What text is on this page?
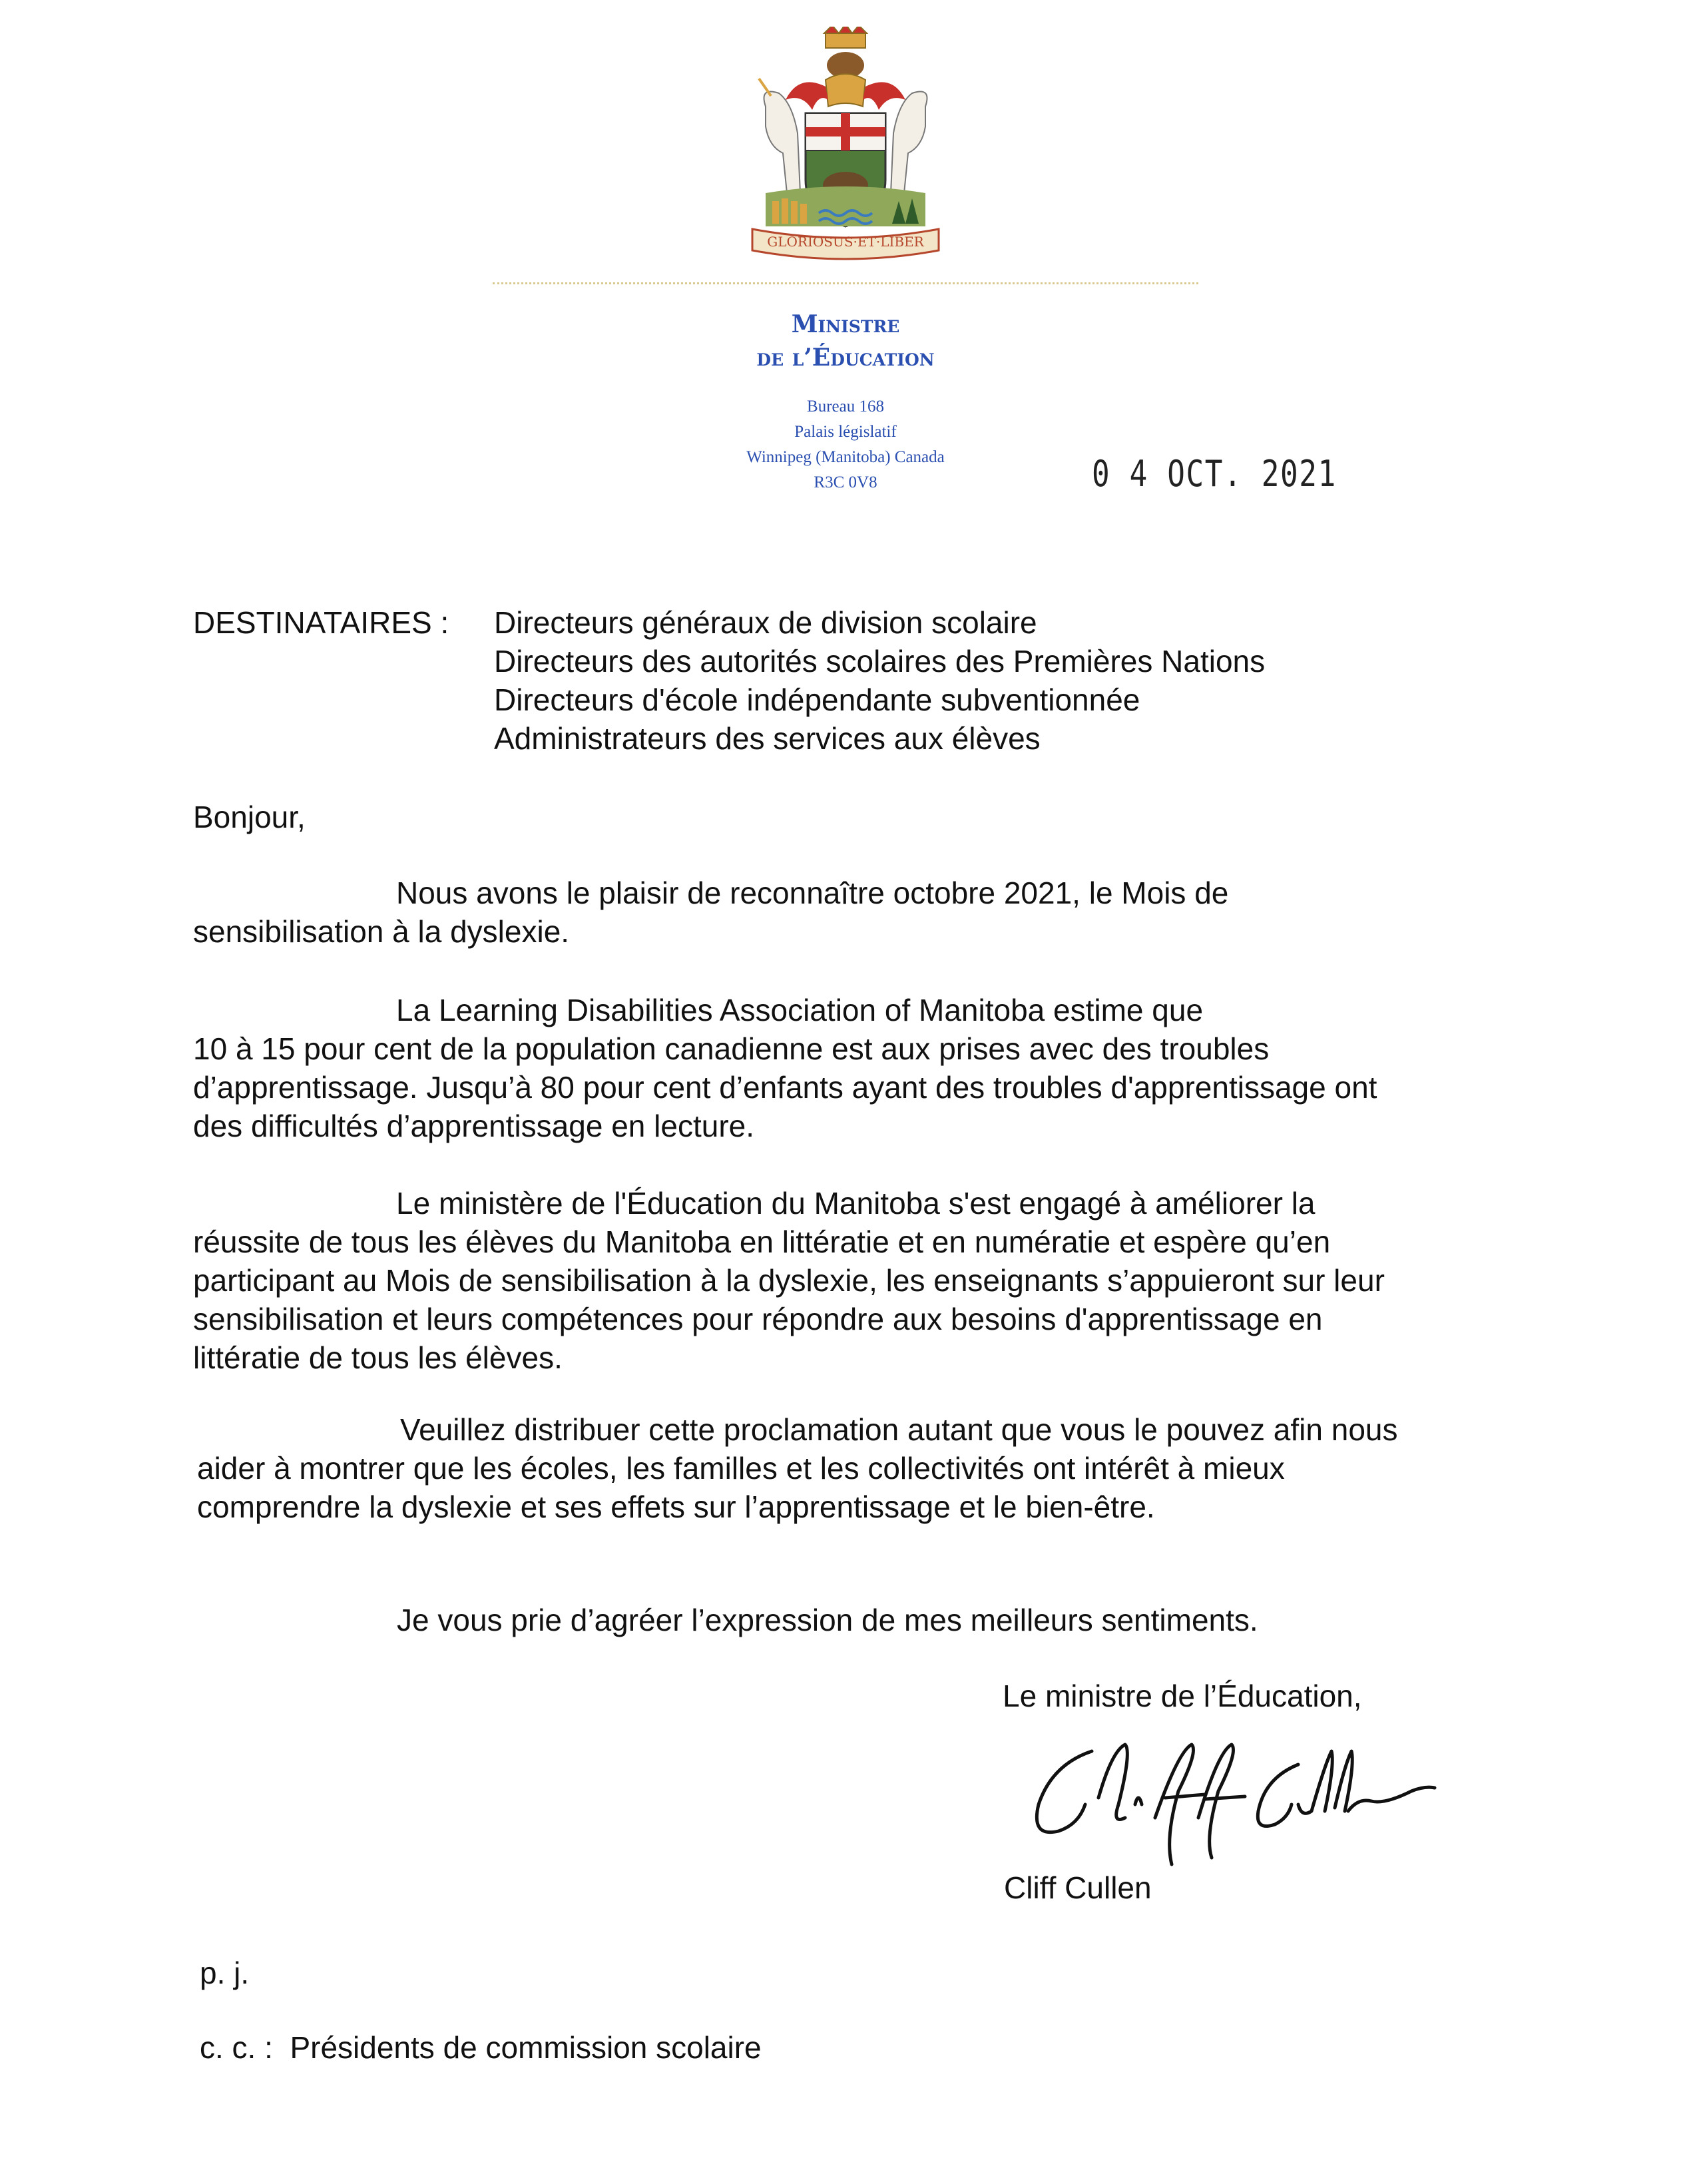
GLORIOSUS·ET·LIBER
Ministre
de l’Éducation
Bureau 168
Palais législatif
Winnipeg (Manitoba) Canada
R3C 0V8	0 4 OCT. 2021
DESTINATAIRES : Directeurs généraux de division scolaire
Directeurs des autorités scolaires des Premières Nations
Directeurs d'école indépendante subventionnée
Administrateurs des services aux élèves
Bonjour,
Nous avons le plaisir de reconnaître octobre 2021, le Mois de
sensibilisation à la dyslexie.
La Learning Disabilities Association of Manitoba estime que
10 à 15 pour cent de la population canadienne est aux prises avec des troubles
d’apprentissage. Jusqu’à 80 pour cent d’enfants ayant des troubles d'apprentissage ont
des difficultés d’apprentissage en lecture.
Le ministère de l'Éducation du Manitoba s'est engagé à améliorer la
réussite de tous les élèves du Manitoba en littératie et en numératie et espère qu’en
participant au Mois de sensibilisation à la dyslexie, les enseignants s’appuieront sur leur
sensibilisation et leurs compétences pour répondre aux besoins d'apprentissage en
littératie de tous les élèves.
Veuillez distribuer cette proclamation autant que vous le pouvez afin nous
aider à montrer que les écoles, les familles et les collectivités ont intérêt à mieux
comprendre la dyslexie et ses effets sur l’apprentissage et le bien-être.
Je vous prie d’agréer l’expression de mes meilleurs sentiments.
Le ministre de l’Éducation,
Cliff Cullen
p. j.
c. c. :  Présidents de commission scolaire
